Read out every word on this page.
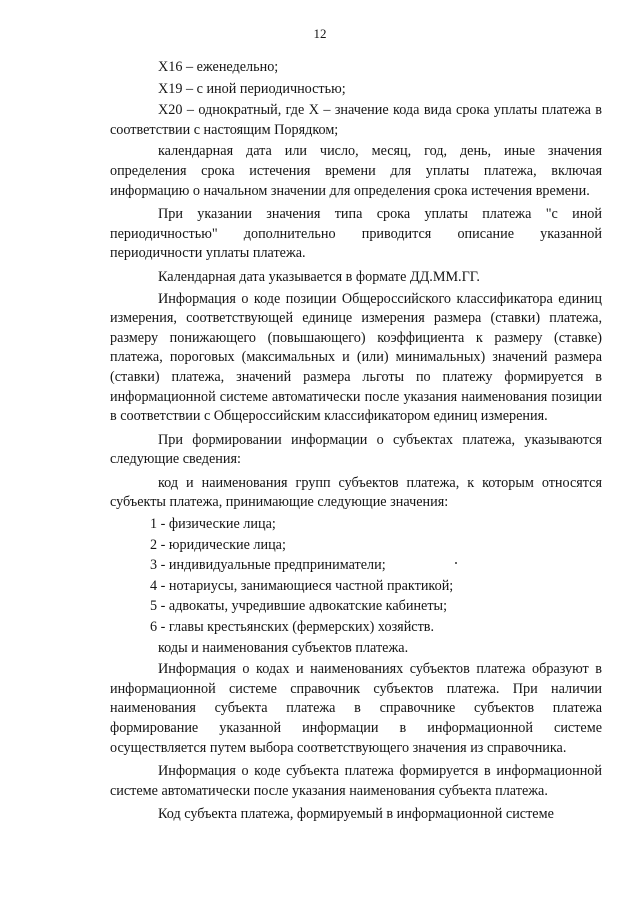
12

Х16 – еженедельно;

Х19 – с иной периодичностью;

Х20 – однократный, где Х – значение кода вида срока уплаты платежа в соответствии с настоящим Порядком;

календарная дата или число, месяц, год, день, иные значения определения срока истечения времени для уплаты платежа, включая информацию о начальном значении для определения срока истечения времени.

При указании значения типа срока уплаты платежа "с иной периодичностью" дополнительно приводится описание указанной периодичности уплаты платежа.

Календарная дата указывается в формате ДД.ММ.ГГ.

Информация о коде позиции Общероссийского классификатора единиц измерения, соответствующей единице измерения размера (ставки) платежа, размеру понижающего (повышающего) коэффициента к размеру (ставке) платежа, пороговых (максимальных и (или) минимальных) значений размера (ставки) платежа, значений размера льготы по платежу формируется в информационной системе автоматически после указания наименования позиции в соответствии с Общероссийским классификатором единиц измерения.

При формировании информации о субъектах платежа, указываются следующие сведения:

код и наименования групп субъектов платежа, к которым относятся субъекты платежа, принимающие следующие значения:

1 - физические лица;

2 - юридические лица;

3 - индивидуальные предприниматели;

4 - нотариусы, занимающиеся частной практикой;

5 - адвокаты, учредившие адвокатские кабинеты;

6 - главы крестьянских (фермерских) хозяйств.

коды и наименования субъектов платежа.

Информация о кодах и наименованиях субъектов платежа образуют в информационной системе справочник субъектов платежа. При наличии наименования субъекта платежа в справочнике субъектов платежа формирование указанной информации в информационной системе осуществляется путем выбора соответствующего значения из справочника.

Информация о коде субъекта платежа формируется в информационной системе автоматически после указания наименования субъекта платежа.

Код субъекта платежа, формируемый в информационной системе
